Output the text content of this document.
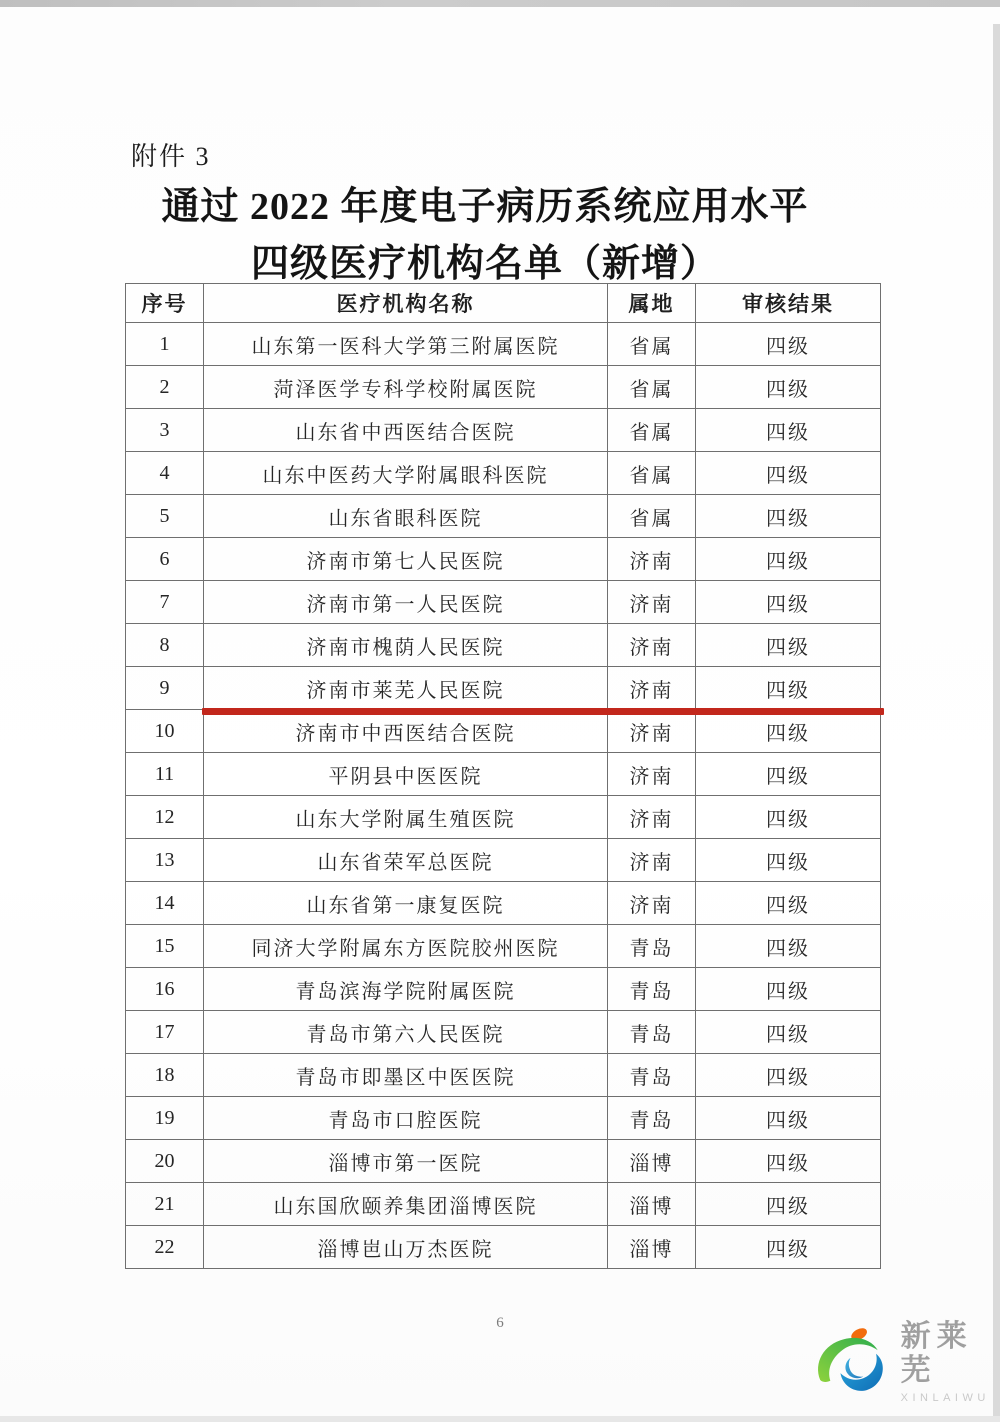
附件 3
通过 2022 年度电子病历系统应用水平
四级医疗机构名单（新增）
序号	医疗机构名称	属地	审核结果
1	山东第一医科大学第三附属医院	省属	四级
2	菏泽医学专科学校附属医院	省属	四级
3	山东省中西医结合医院	省属	四级
4	山东中医药大学附属眼科医院	省属	四级
5	山东省眼科医院	省属	四级
6	济南市第七人民医院	济南	四级
7	济南市第一人民医院	济南	四级
8	济南市槐荫人民医院	济南	四级
9	济南市莱芜人民医院	济南	四级
10	济南市中西医结合医院	济南	四级
11	平阴县中医医院	济南	四级
12	山东大学附属生殖医院	济南	四级
13	山东省荣军总医院	济南	四级
14	山东省第一康复医院	济南	四级
15	同济大学附属东方医院胶州医院	青岛	四级
16	青岛滨海学院附属医院	青岛	四级
17	青岛市第六人民医院	青岛	四级
18	青岛市即墨区中医医院	青岛	四级
19	青岛市口腔医院	青岛	四级
20	淄博市第一医院	淄博	四级
21	山东国欣颐养集团淄博医院	淄博	四级
22	淄博岜山万杰医院	淄博	四级
6	新莱芜
XINLAIWU
